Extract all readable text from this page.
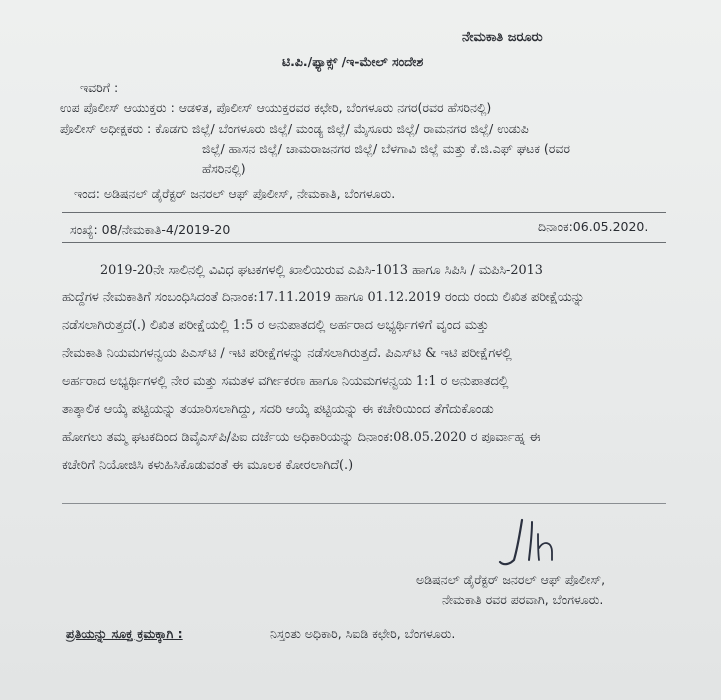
ನೇಮಕಾತಿ ಜರೂರು
ಟಿ.ಪಿ./ಫ್ಯಾಕ್ಸ್ /ಇ-ಮೇಲ್ ಸಂದೇಶ
ಇವರಿಗೆ :
ಉಪ ಪೊಲೀಸ್ ಆಯುಕ್ತರು : ಆಡಳಿತ, ಪೊಲೀಸ್ ಆಯುಕ್ತರವರ ಕಛೇರಿ, ಬೆಂಗಳೂರು ನಗರ(ರವರ ಹೆಸರಿನಲ್ಲಿ)
ಪೊಲೀಸ್ ಅಧೀಕ್ಷಕರು : ಕೊಡಗು ಜಿಲ್ಲೆ/ ಬೆಂಗಳೂರು ಜಿಲ್ಲೆ/ ಮಂಡ್ಯ ಜಿಲ್ಲೆ/ ಮೈಸೂರು ಜಿಲ್ಲೆ/ ರಾಮನಗರ ಜಿಲ್ಲೆ/ ಉಡುಪಿ
ಜಿಲ್ಲೆ/ ಹಾಸನ ಜಿಲ್ಲೆ/ ಚಾಮರಾಜನಗರ ಜಿಲ್ಲೆ/ ಬೆಳಗಾವಿ ಜಿಲ್ಲೆ ಮತ್ತು ಕೆ.ಜಿ.ಎಫ್ ಘಟಕ (ರವರ
ಹೆಸರಿನಲ್ಲಿ)
ಇಂದ: ಅಡಿಷನಲ್ ಡೈರೆಕ್ಟರ್ ಜನರಲ್ ಆಫ್ ಪೊಲೀಸ್, ನೇಮಕಾತಿ, ಬೆಂಗಳೂರು.
ಸಂಖ್ಯೆ: 08/ನೇಮಕಾತಿ-4/2019-20	ದಿನಾಂಕ:06.05.2020.
2019-20ನೇ ಸಾಲಿನಲ್ಲಿ ವಿವಿಧ ಘಟಕಗಳಲ್ಲಿ ಖಾಲಿಯಿರುವ ಎಪಿಸಿ-1013 ಹಾಗೂ ಸಿಪಿಸಿ / ಮಪಿಸಿ-2013
ಹುದ್ದೆಗಳ ನೇಮಕಾತಿಗೆ ಸಂಬಂಧಿಸಿದಂತೆ ದಿನಾಂಕ:17.11.2019 ಹಾಗೂ 01.12.2019 ರಂದು ರಂದು ಲಿಖಿತ ಪರೀಕ್ಷೆಯನ್ನು
ನಡೆಸಲಾಗಿರುತ್ತದೆ(.) ಲಿಖಿತ ಪರೀಕ್ಷೆಯಲ್ಲಿ 1:5 ರ ಅನುಪಾತದಲ್ಲಿ ಅರ್ಹರಾದ ಅಭ್ಯರ್ಥಿಗಳಿಗೆ ವೃಂದ ಮತ್ತು
ನೇಮಕಾತಿ ನಿಯಮಗಳನ್ವಯ ಪಿಎಸ್‌ಟಿ / ಇಟಿ ಪರೀಕ್ಷೆಗಳನ್ನು ನಡೆಸಲಾಗಿರುತ್ತದೆ. ಪಿಎಸ್‌ಟಿ & ಇಟಿ ಪರೀಕ್ಷೆಗಳಲ್ಲಿ
ಅರ್ಹರಾದ ಅಭ್ಯರ್ಥಿಗಳಲ್ಲಿ ನೇರ ಮತ್ತು ಸಮತಳ ವರ್ಗೀಕರಣ ಹಾಗೂ ನಿಯಮಗಳನ್ವಯ 1:1 ರ ಅನುಪಾತದಲ್ಲಿ
ತಾತ್ಕಾಲಿಕ ಆಯ್ಕೆ ಪಟ್ಟಿಯನ್ನು ತಯಾರಿಸಲಾಗಿದ್ದು, ಸದರಿ ಆಯ್ಕೆ ಪಟ್ಟಿಯನ್ನು ಈ ಕಚೇರಿಯಿಂದ ತೆಗೆದುಕೊಂಡು
ಹೋಗಲು ತಮ್ಮ ಘಟಕದಿಂದ ಡಿವೈಎಸ್‌ಪಿ/ಪಿಐ ದರ್ಜೆಯ ಅಧಿಕಾರಿಯನ್ನು ದಿನಾಂಕ:08.05.2020 ರ ಪೂರ್ವಾಹ್ನ ಈ
ಕಚೇರಿಗೆ ನಿಯೋಜಿಸಿ ಕಳುಹಿಸಿಕೊಡುವಂತೆ ಈ ಮೂಲಕ ಕೋರಲಾಗಿದೆ(.)
ಅಡಿಷನಲ್ ಡೈರೆಕ್ಟರ್ ಜನರಲ್ ಆಫ್ ಪೊಲೀಸ್,
ನೇಮಕಾತಿ ರವರ ಪರವಾಗಿ, ಬೆಂಗಳೂರು.
ಪ್ರತಿಯನ್ನು ಸೂಕ್ತ ಕ್ರಮಕ್ಕಾಗಿ :	ನಿಸ್ತಂತು ಅಧಿಕಾರಿ, ಸಿಐಡಿ ಕಛೇರಿ, ಬೆಂಗಳೂರು.
